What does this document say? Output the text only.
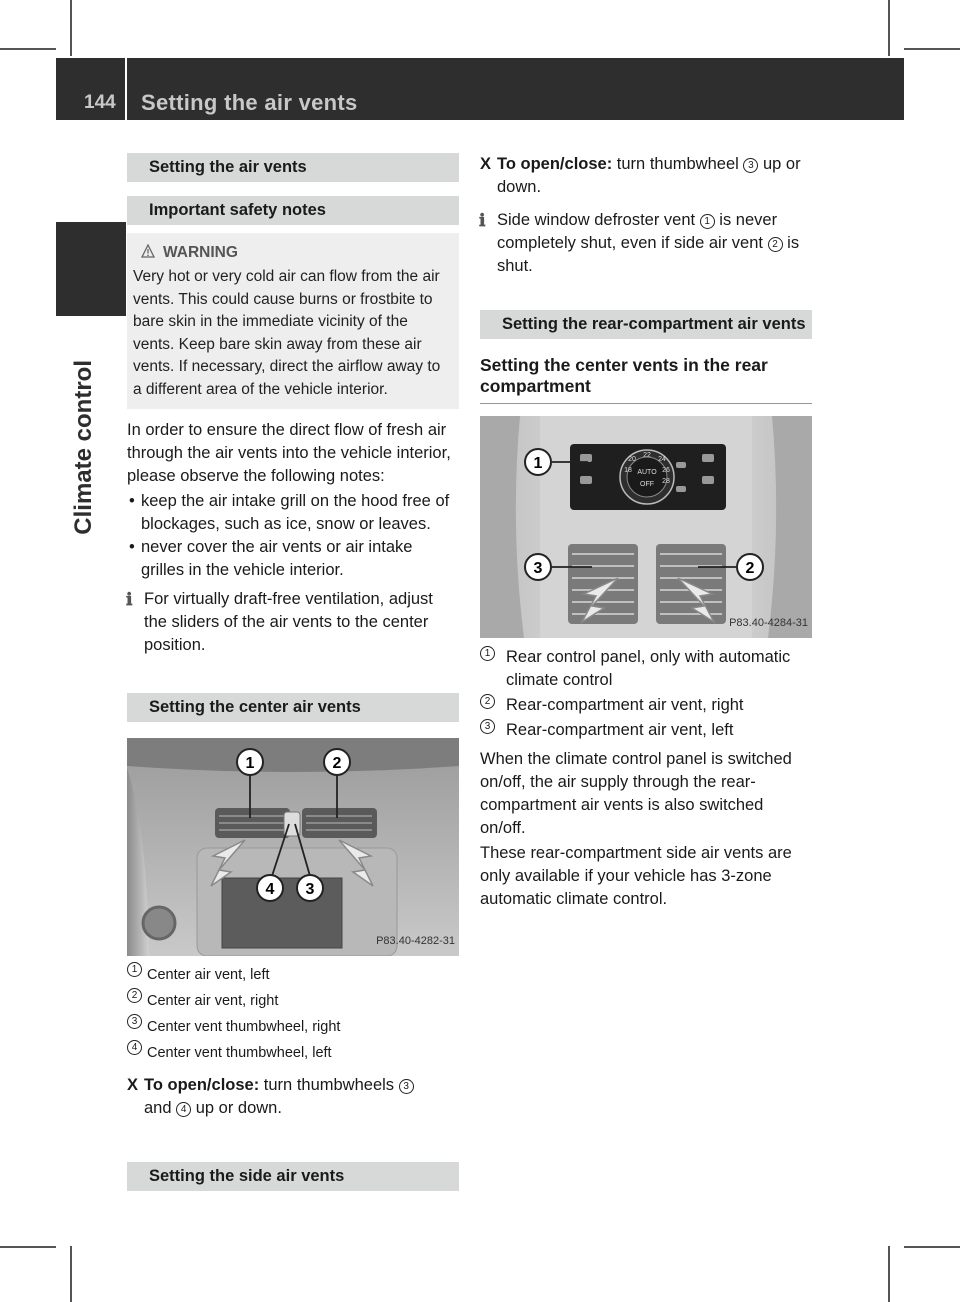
144 Setting the air vents
Climate control
Setting the air vents
Important safety notes
WARNING
Very hot or very cold air can flow from the air vents. This could cause burns or frostbite to bare skin in the immediate vicinity of the vents. Keep bare skin away from these air vents. If necessary, direct the airflow away to a different area of the vehicle interior.

In order to ensure the direct flow of fresh air through the air vents into the vehicle interior, please observe the following notes:

• keep the air intake grill on the hood free of blockages, such as ice, snow or leaves.
• never cover the air vents or air intake grilles in the vehicle interior.
ℹ For virtually draft-free ventilation, adjust the sliders of the air vents to the center position.
Setting the center air vents
1	2
3
4
P83.40-4282-31
1 Center air vent, left
2 Center air vent, right
3 Center vent thumbwheel, right
4 Center vent thumbwheel, left
X To open/close: turn thumbwheels 3
and 4 up or down.
Setting the side air vents
X To open/close: turn thumbwheel 3 up or down.
ℹ Side window defroster vent 1 is never completely shut, even if side air vent 2 is shut.
Setting the rear-compartment air vents
Setting the center vents in the rear compartment
AUTO
OFF
22
20
18
24
26
28
1
2
3
P83.40-4284-31
1 Rear control panel, only with automatic climate control
2 Rear-compartment air vent, right
3 Rear-compartment air vent, left

When the climate control panel is switched on/off, the air supply through the rear-compartment air vents is also switched on/off.

These rear-compartment side air vents are only available if your vehicle has 3-zone automatic climate control.
